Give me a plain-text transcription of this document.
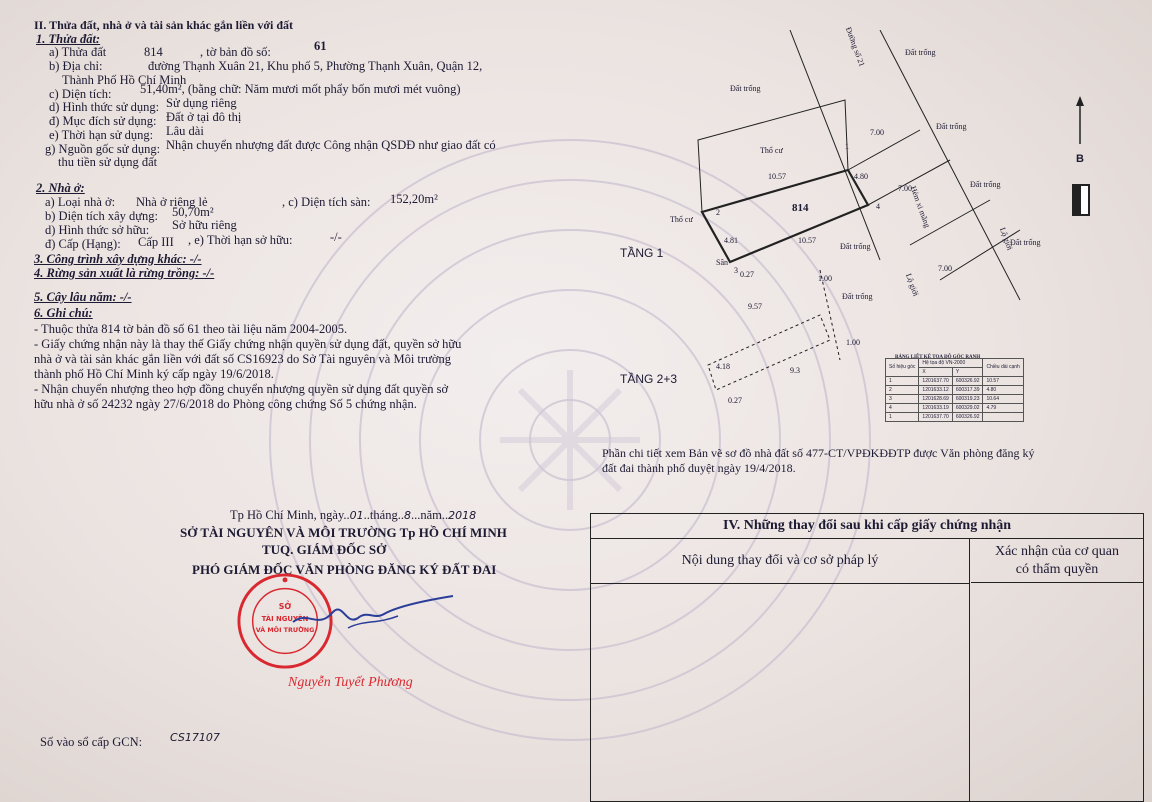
II. Thửa đất, nhà ở và tài sản khác gắn liền với đất
1. Thửa đất:
a) Thửa đất	814	, tờ bản đồ số:	61
b) Địa chỉ:	đường Thạnh Xuân 21, Khu phố 5, Phường Thạnh Xuân, Quận 12,
Thành Phố Hồ Chí Minh
c) Diện tích: 51,40m², (bằng chữ: Năm mươi mốt phẩy bốn mươi mét vuông)
d) Hình thức sử dụng: Sử dụng riêng
đ) Mục đích sử dụng: Đất ở tại đô thị
e) Thời hạn sử dụng: Lâu dài
g) Nguồn gốc sử dụng: Nhận chuyển nhượng đất được Công nhận QSDĐ như giao đất có
thu tiền sử dụng đất
2. Nhà ở:
a) Loại nhà ở: Nhà ở riêng lẻ
b) Diện tích xây dựng: 50,70m²
, c) Diện tích sàn: 152,20m²
d) Hình thức sở hữu: Sở hữu riêng
đ) Cấp (Hạng): Cấp III , e) Thời hạn sở hữu:	-/-
3. Công trình xây dựng khác: -/-
4. Rừng sản xuất là rừng trồng: -/-
5. Cây lâu năm: -/-
6. Ghi chú:
- Thuộc thửa 814 tờ bản đồ số 61 theo tài liệu năm 2004-2005.
- Giấy chứng nhận này là thay thế Giấy chứng nhận quyền sử dụng đất, quyền sở hữu
nhà ở và tài sản khác gắn liền với đất số CS16923 do Sở Tài nguyên và Môi trường
thành phố Hồ Chí Minh ký cấp ngày 19/6/2018.
- Nhận chuyển nhượng theo hợp đồng chuyển nhượng quyền sử dụng đất quyền sở
hữu nhà ở số 24232 ngày 27/6/2018 do Phòng công chứng Số 5 chứng nhận.
Tp Hồ Chí Minh, ngày..01..tháng..8...năm..2018
SỞ TÀI NGUYÊN VÀ MÔI TRƯỜNG Tp HỒ CHÍ MINH
TUQ. GIÁM ĐỐC SỞ
PHÓ GIÁM ĐỐC VĂN PHÒNG ĐĂNG KÝ ĐẤT ĐAI
SỞ
TÀI NGUYÊN
VÀ MÔI TRƯỜNG
Nguyễn Tuyết Phương
Số vào sổ cấp GCN:	CS17107
Đường số 21	Đất trống
Đất trống
Đất trống
Đất trống
Đất trống
Đất trống
Đất trống
Thổ cư
Thổ cư
814	Hẻm xi măng
Lộ giới
Lộ giới
Sân
TẦNG 1
TẦNG 2+3
7.00
7.00
7.00
10.57
10.57
4.80
4.81
1.00
1.00
0.27
0.27
9.57
9.3
4.18
1
2
3
4
B
BẢNG LIỆT KÊ TỌA ĐỘ GÓC RANH
Số hiệu góc	Hệ tọa độ VN-2000		Chiều dài cạnh
	X	Y	
1	1201637.70	600326.92	10.57
2	1201633.12	600317.39	4.80
3	1201628.69	600319.23	10.64
4	1201633.19	600329.02	4.79
1	1201637.70	600326.92	
Phần chi tiết xem Bản vẽ sơ đồ nhà đất số 477-CT/VPĐKĐĐTP được Văn phòng đăng ký
đất đai thành phố duyệt ngày 19/4/2018.
IV. Những thay đổi sau khi cấp giấy chứng nhận
Nội dung thay đổi và cơ sở pháp lý
Xác nhận của cơ quan
có thẩm quyền
